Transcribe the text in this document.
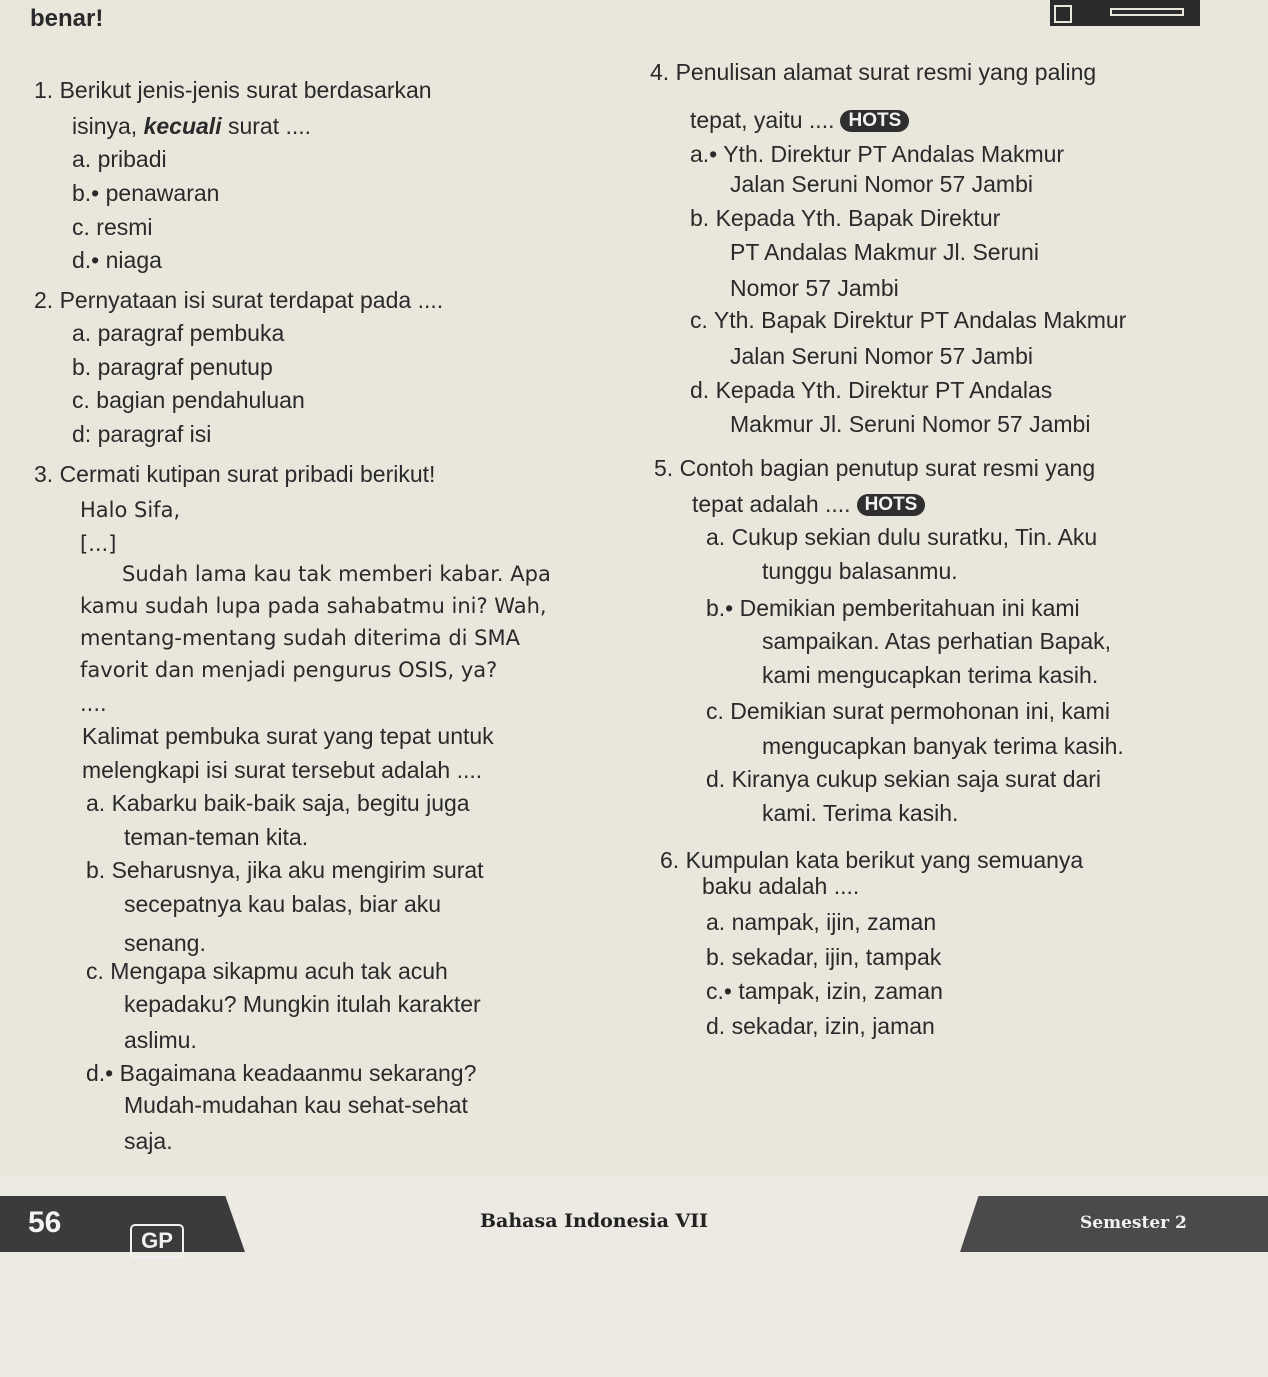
benar!
1. Berikut jenis-jenis surat berdasarkan
isinya, kecuali surat ....
a. pribadi
b.• penawaran
c. resmi
d.• niaga
2. Pernyataan isi surat terdapat pada ....
a. paragraf pembuka
b. paragraf penutup
c. bagian pendahuluan
d: paragraf isi
3. Cermati kutipan surat pribadi berikut!
Halo Sifa,
[...]
Sudah lama kau tak memberi kabar. Apa
kamu sudah lupa pada sahabatmu ini? Wah,
mentang-mentang sudah diterima di SMA
favorit dan menjadi pengurus OSIS, ya?
....
Kalimat pembuka surat yang tepat untuk
melengkapi isi surat tersebut adalah ....
a. Kabarku baik-baik saja, begitu juga
teman-teman kita.
b. Seharusnya, jika aku mengirim surat
secepatnya kau balas, biar aku
senang.
c. Mengapa sikapmu acuh tak acuh
kepadaku? Mungkin itulah karakter
aslimu.
d.• Bagaimana keadaanmu sekarang?
Mudah-mudahan kau sehat-sehat
saja.
4. Penulisan alamat surat resmi yang paling
tepat, yaitu .... HOTS
a.• Yth. Direktur PT Andalas Makmur
Jalan Seruni Nomor 57 Jambi
b. Kepada Yth. Bapak Direktur
PT Andalas Makmur Jl. Seruni
Nomor 57 Jambi
c. Yth. Bapak Direktur PT Andalas Makmur
Jalan Seruni Nomor 57 Jambi
d. Kepada Yth. Direktur PT Andalas
Makmur Jl. Seruni Nomor 57 Jambi
5. Contoh bagian penutup surat resmi yang
tepat adalah .... HOTS
a. Cukup sekian dulu suratku, Tin. Aku
tunggu balasanmu.
b.• Demikian pemberitahuan ini kami
sampaikan. Atas perhatian Bapak,
kami mengucapkan terima kasih.
c. Demikian surat permohonan ini, kami
mengucapkan banyak terima kasih.
d. Kiranya cukup sekian saja surat dari
kami. Terima kasih.
6. Kumpulan kata berikut yang semuanya
baku adalah ....
a. nampak, ijin, zaman
b. sekadar, ijin, tampak
c.• tampak, izin, zaman
d. sekadar, izin, jaman
56
GP
Bahasa Indonesia VII	Semester 2
